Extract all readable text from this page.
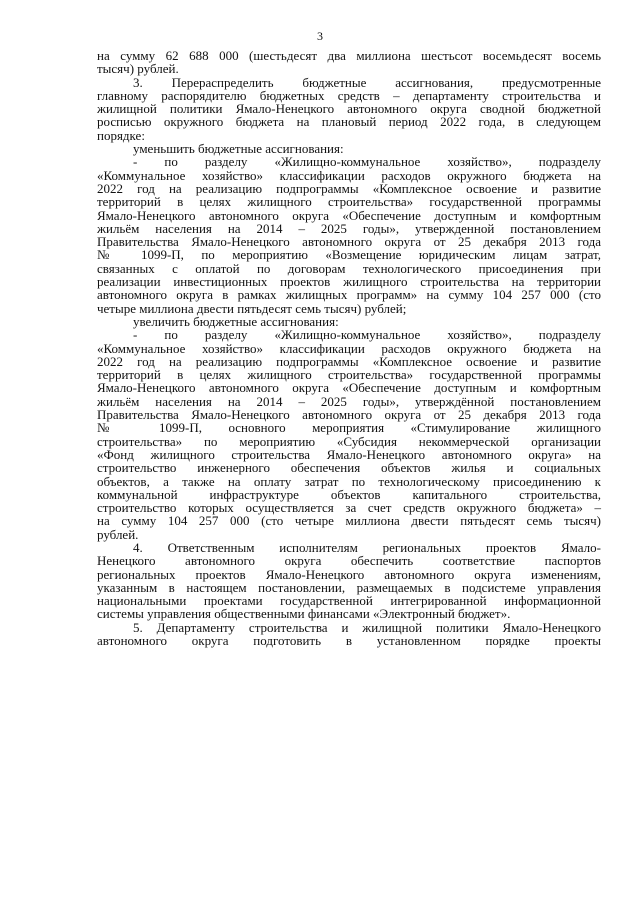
3
на сумму 62 688 000 (шестьдесят два миллиона шестьсот восемьдесят восемь
тысяч) рублей.
3. Перераспределить бюджетные ассигнования, предусмотренные
главному распорядителю бюджетных средств – департаменту строительства и
жилищной политики Ямало-Ненецкого автономного округа сводной бюджетной
росписью окружного бюджета на плановый период 2022 года, в следующем
порядке:
уменьшить бюджетные ассигнования:
- по разделу «Жилищно-коммунальное хозяйство», подразделу
«Коммунальное хозяйство» классификации расходов окружного бюджета на
2022 год на реализацию подпрограммы «Комплексное освоение и развитие
территорий в целях жилищного строительства» государственной программы
Ямало-Ненецкого автономного округа «Обеспечение доступным и комфортным
жильём населения на 2014 – 2025 годы», утвержденной постановлением
Правительства Ямало-Ненецкого автономного округа от 25 декабря 2013 года
№ 1099-П, по мероприятию «Возмещение юридическим лицам затрат,
связанных с оплатой по договорам технологического присоединения при
реализации инвестиционных проектов жилищного строительства на территории
автономного округа в рамках жилищных программ» на сумму 104 257 000 (сто
четыре миллиона двести пятьдесят семь тысяч) рублей;
увеличить бюджетные ассигнования:
- по разделу «Жилищно-коммунальное хозяйство», подразделу
«Коммунальное хозяйство» классификации расходов окружного бюджета на
2022 год на реализацию подпрограммы «Комплексное освоение и развитие
территорий в целях жилищного строительства» государственной программы
Ямало-Ненецкого автономного округа «Обеспечение доступным и комфортным
жильём населения на 2014 – 2025 годы», утверждённой постановлением
Правительства Ямало-Ненецкого автономного округа от 25 декабря 2013 года
№ 1099-П, основного мероприятия «Стимулирование жилищного
строительства» по мероприятию «Субсидия некоммерческой организации
«Фонд жилищного строительства Ямало-Ненецкого автономного округа» на
строительство инженерного обеспечения объектов жилья и социальных
объектов, а также на оплату затрат по технологическому присоединению к
коммунальной инфраструктуре объектов капитального строительства,
строительство которых осуществляется за счет средств окружного бюджета» –
на сумму 104 257 000 (сто четыре миллиона двести пятьдесят семь тысяч)
рублей.
4. Ответственным исполнителям региональных проектов Ямало-
Ненецкого автономного округа обеспечить соответствие паспортов
региональных проектов Ямало-Ненецкого автономного округа изменениям,
указанным в настоящем постановлении, размещаемых в подсистеме управления
национальными проектами государственной интегрированной информационной
системы управления общественными финансами «Электронный бюджет».
5. Департаменту строительства и жилищной политики Ямало-Ненецкого
автономного округа подготовить в установленном порядке проекты
